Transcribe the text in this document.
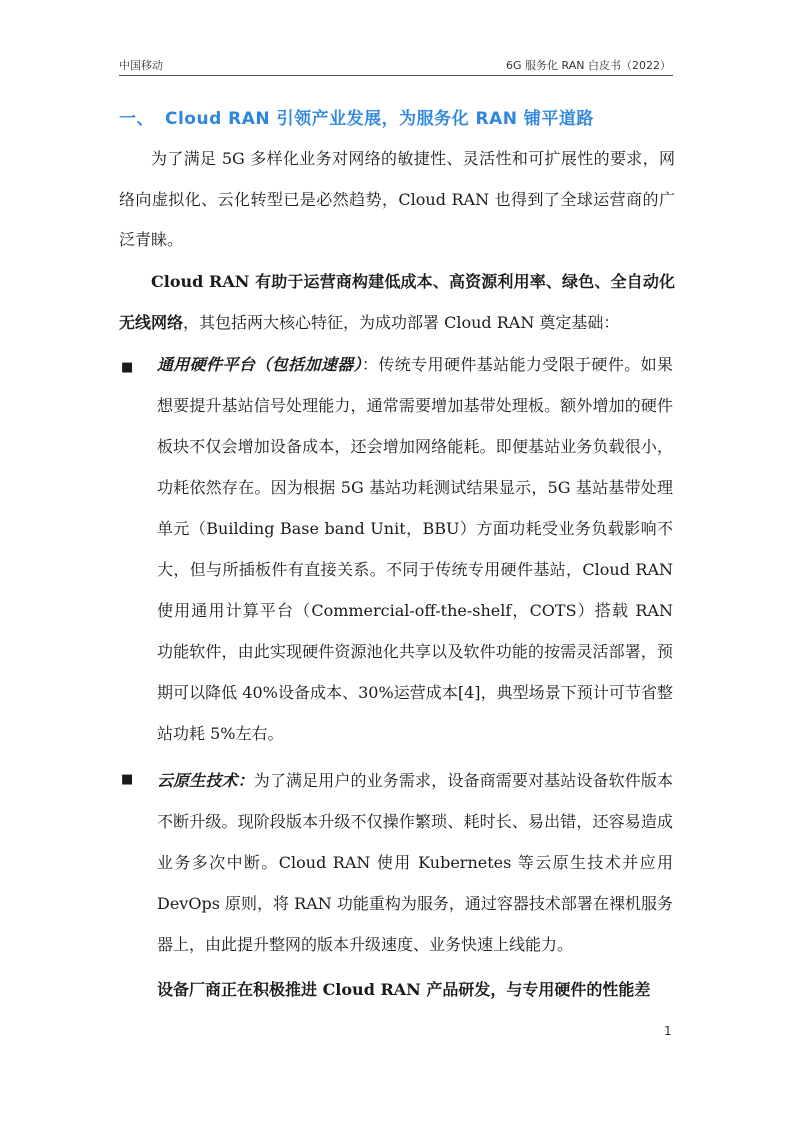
中国移动	6G 服务化 RAN 白皮书（2022）
一、 Cloud RAN 引领产业发展，为服务化 RAN 铺平道路
为了满足 5G 多样化业务对网络的敏捷性、灵活性和可扩展性的要求，网络向虚拟化、云化转型已是必然趋势，Cloud RAN 也得到了全球运营商的广泛青睐。
Cloud RAN 有助于运营商构建低成本、高资源利用率、绿色、全自动化无线网络，其包括两大核心特征，为成功部署 Cloud RAN 奠定基础：
■ 通用硬件平台（包括加速器）：传统专用硬件基站能力受限于硬件。如果想要提升基站信号处理能力，通常需要增加基带处理板。额外增加的硬件板块不仅会增加设备成本，还会增加网络能耗。即便基站业务负载很小，功耗依然存在。因为根据 5G 基站功耗测试结果显示，5G 基站基带处理单元（Building Base band Unit，BBU）方面功耗受业务负载影响不大，但与所插板件有直接关系。不同于传统专用硬件基站，Cloud RAN 使用通用计算平台（Commercial-off-the-shelf，COTS）搭载 RAN 功能软件，由此实现硬件资源池化共享以及软件功能的按需灵活部署，预期可以降低 40%设备成本、30%运营成本[4]，典型场景下预计可节省整站功耗 5%左右。
■ 云原生技术：为了满足用户的业务需求，设备商需要对基站设备软件版本不断升级。现阶段版本升级不仅操作繁琐、耗时长、易出错，还容易造成业务多次中断。Cloud RAN 使用 Kubernetes 等云原生技术并应用 DevOps 原则，将 RAN 功能重构为服务，通过容器技术部署在裸机服务器上，由此提升整网的版本升级速度、业务快速上线能力。
设备厂商正在积极推进 Cloud RAN 产品研发，与专用硬件的性能差
1
